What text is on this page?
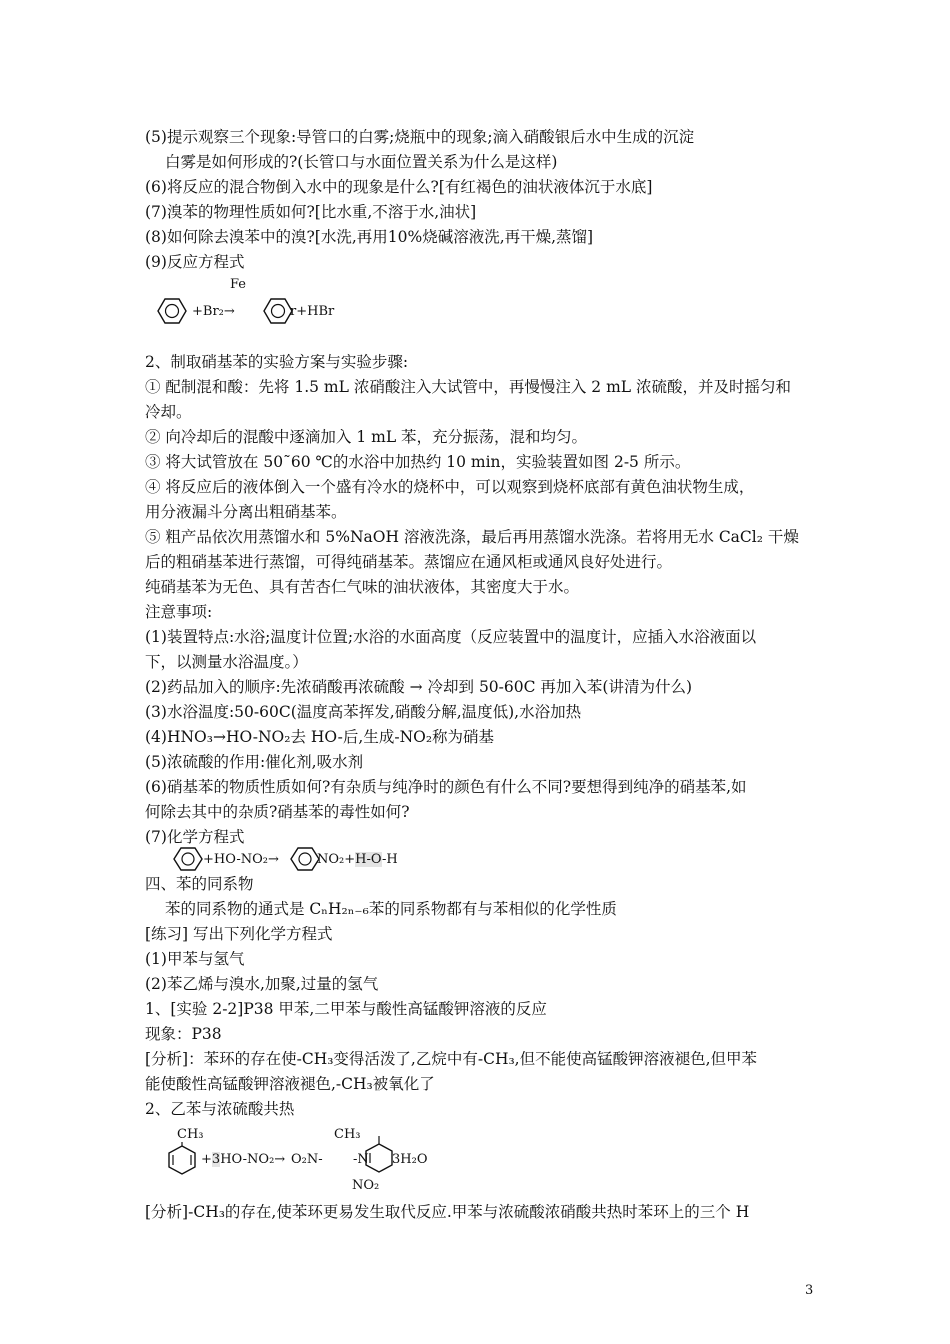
(5)提示观察三个现象:导管口的白雾;烧瓶中的现象;滴入硝酸银后水中生成的沉淀
白雾是如何形成的?(长管口与水面位置关系为什么是这样)
(6)将反应的混合物倒入水中的现象是什么?[有红褐色的油状液体沉于水底]
(7)溴苯的物理性质如何?[比水重,不溶于水,油状]
(8)如何除去溴苯中的溴?[水洗,再用10%烧碱溶液洗,再干燥,蒸馏]
(9)反应方程式
Fe
+Br₂→	r+HBr
2、制取硝基苯的实验方案与实验步骤:
① 配制混和酸：先将 1.5 mL 浓硝酸注入大试管中，再慢慢注入 2 mL 浓硫酸，并及时摇匀和
冷却。
② 向冷却后的混酸中逐滴加入 1 mL 苯，充分振荡，混和均匀。
③ 将大试管放在 50˜60 ℃的水浴中加热约 10 min，实验装置如图 2-5 所示。
④ 将反应后的液体倒入一个盛有冷水的烧杯中，可以观察到烧杯底部有黄色油状物生成，
用分液漏斗分离出粗硝基苯。
⑤ 粗产品依次用蒸馏水和 5%NaOH 溶液洗涤，最后再用蒸馏水洗涤。若将用无水 CaCl₂ 干燥
后的粗硝基苯进行蒸馏，可得纯硝基苯。蒸馏应在通风柜或通风良好处进行。
纯硝基苯为无色、具有苦杏仁气味的油状液体，其密度大于水。
注意事项:
(1)装置特点:水浴;温度计位置;水浴的水面高度（反应装置中的温度计，应插入水浴液面以
下，以测量水浴温度。）
(2)药品加入的顺序:先浓硝酸再浓硫酸 → 冷却到 50-60C 再加入苯(讲清为什么)
(3)水浴温度:50-60C(温度高苯挥发,硝酸分解,温度低),水浴加热
(4)HNO₃→HO-NO₂去 HO-后,生成-NO₂称为硝基
(5)浓硫酸的作用:催化剂,吸水剂
(6)硝基苯的物质性质如何?有杂质与纯净时的颜色有什么不同?要想得到纯净的硝基苯,如
何除去其中的杂质?硝基苯的毒性如何?
(7)化学方程式
+HO-NO₂→	NO₂+H-O-H
四、苯的同系物
苯的同系物的通式是 CₙH₂ₙ₋₆苯的同系物都有与苯相似的化学性质
[练习] 写出下列化学方程式
(1)甲苯与氢气
(2)苯乙烯与溴水,加聚,过量的氢气
1、[实验 2-2]P38 甲苯,二甲苯与酸性高锰酸钾溶液的反应
现象：P38
[分析]：苯环的存在使-CH₃变得活泼了,乙烷中有-CH₃,但不能使高锰酸钾溶液褪色,但甲苯
能使酸性高锰酸钾溶液褪色,-CH₃被氧化了
2、乙苯与浓硫酸共热
CH₃	CH₃
+3HO-NO₂→ O₂N- -N 3H₂O
NO₂
[分析]-CH₃的存在,使苯环更易发生取代反应.甲苯与浓硫酸浓硝酸共热时苯环上的三个 H
3
